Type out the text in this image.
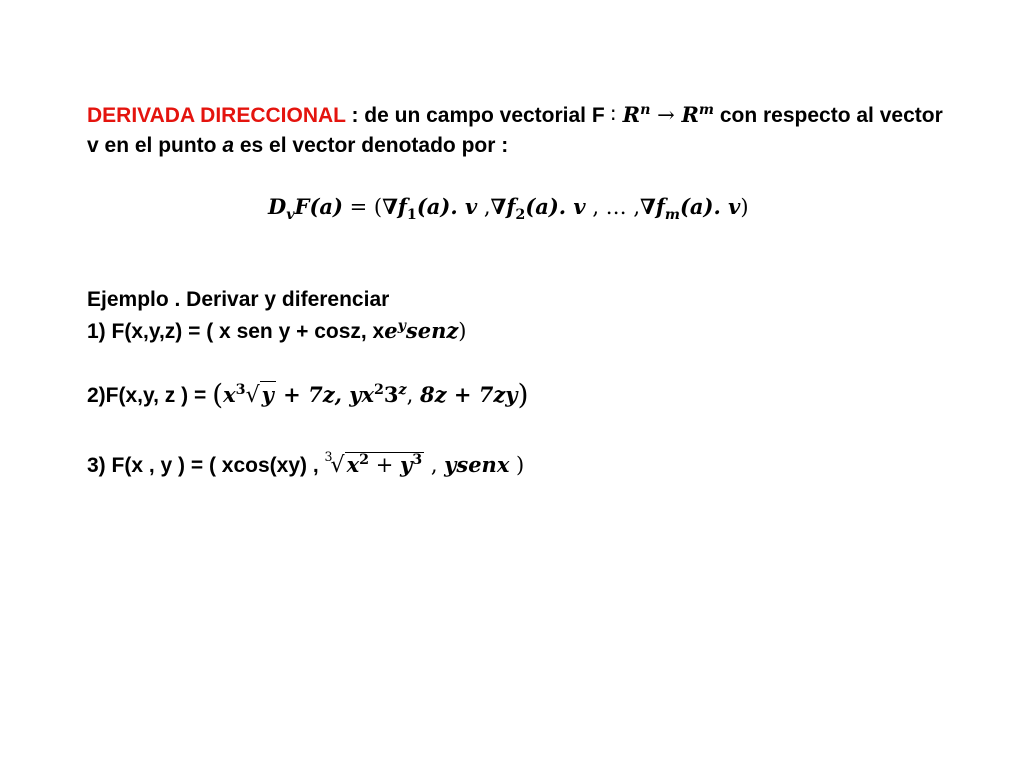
DERIVADA DIRECCIONAL : de un campo vectorial F ∶ $R^n \to R^m$ con respecto al vector
v en el punto a es el vector denotado por :
$D_vF(a) = (\nabla f_1(a)$. v $,\nabla f_2(a)$. v , … $,\nabla f_m(a)$. v)
Ejemplo . Derivar y diferenciar
1) F(x,y,z) = ( x sen y + cosz, $xe^ysenz$)
2)F(x,y, z ) = ($x^3√y + 7z$, $yx^23^z$, 8z + 7zy)
3) F(x , y ) = ( xcos(xy) , $^3√x^2 + y^3$ , ysenx )
